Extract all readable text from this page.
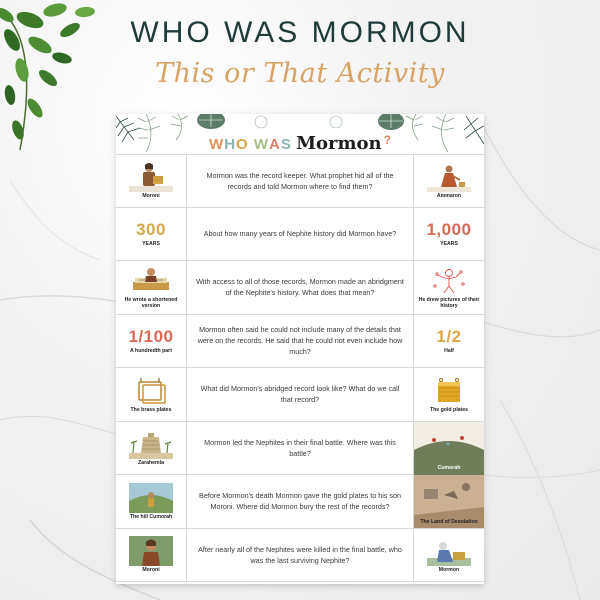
WHO WAS MORMON
This or That Activity
WHO WAS Mormon ?
Moroni

Mormon was the record keeper. What prophet hid all of the records and told Mormon where to find them?

Ammaron
300
YEARS

About how many years of Nephite history did Mormon have? 1,000
YEARS
He wrote a shortened version

With access to all of those records, Mormon made an abridgment of the Nephite's history. What does that mean?

He drew pictures of their history
1/100
A hundredth part

Mormon often said he could not include many of the details that were on the records. He said that he could not even include how much?

1/2
Half
The brass plates

What did Mormon's abridged record look like? What do we call that record?

The gold plates
Zarahemla

Mormon led the Nephites in their final battle. Where was this battle?

Cumorah
The hill Cumorah

Before Mormon's death Mormon gave the gold plates to his son Moroni. Where did Mormon bury the rest of the records?

The Land of Desolation
Moroni

After nearly all of the Nephites were killed in the final battle, who was the last surviving Nephite?

Mormon
